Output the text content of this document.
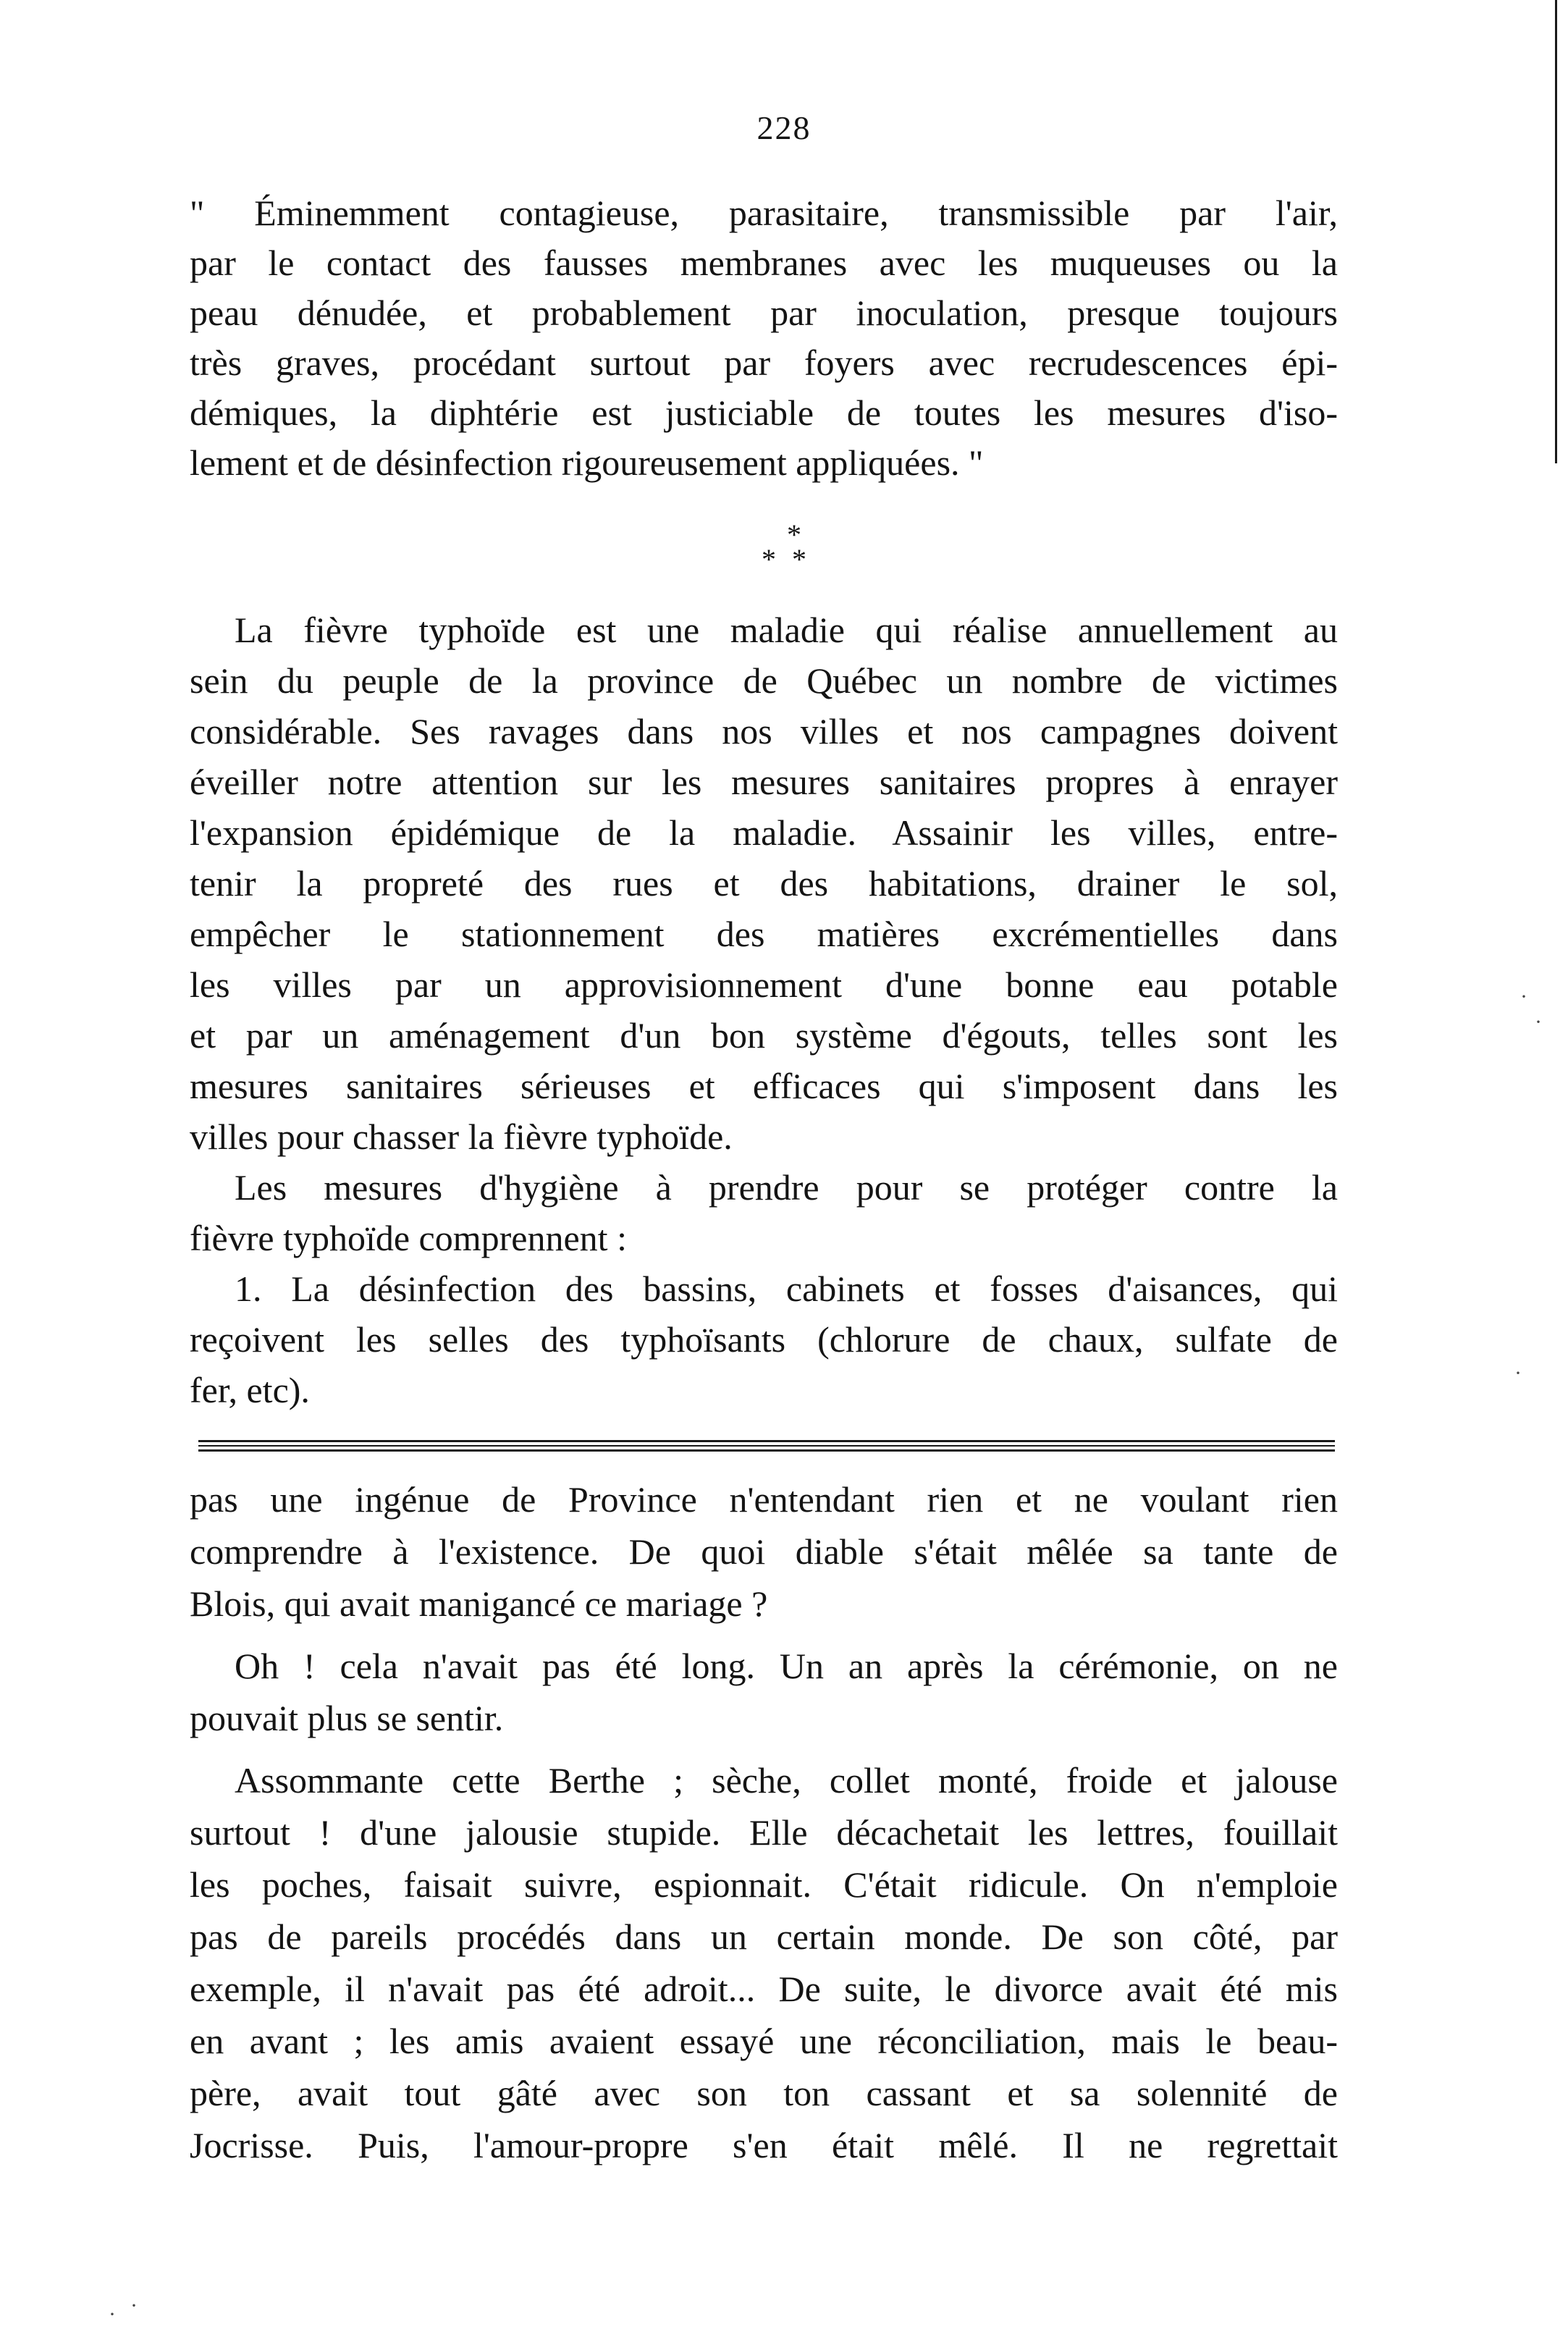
228
" Éminemment contagieuse, parasitaire, transmissible par l'air,
par le contact des fausses membranes avec les muqueuses ou la
peau dénudée, et probablement par inoculation, presque toujours
très graves, procédant surtout par foyers avec recrudescences épi-
démiques, la diphtérie est justiciable de toutes les mesures d'iso-
lement et de désinfection rigoureusement appliquées. "
*
**
La fièvre typhoïde est une maladie qui réalise annuellement au
sein du peuple de la province de Québec un nombre de victimes
considérable. Ses ravages dans nos villes et nos campagnes doivent
éveiller notre attention sur les mesures sanitaires propres à enrayer
l'expansion épidémique de la maladie. Assainir les villes, entre-
tenir la propreté des rues et des habitations, drainer le sol,
empêcher le stationnement des matières excrémentielles dans
les villes par un approvisionnement d'une bonne eau potable
et par un aménagement d'un bon système d'égouts, telles sont les
mesures sanitaires sérieuses et efficaces qui s'imposent dans les
villes pour chasser la fièvre typhoïde.
Les mesures d'hygiène à prendre pour se protéger contre la
fièvre typhoïde comprennent :
1. La désinfection des bassins, cabinets et fosses d'aisances, qui
reçoivent les selles des typhoïsants (chlorure de chaux, sulfate de
fer, etc).
pas une ingénue de Province n'entendant rien et ne voulant rien
comprendre à l'existence. De quoi diable s'était mêlée sa tante de
Blois, qui avait manigancé ce mariage ?
Oh ! cela n'avait pas été long. Un an après la cérémonie, on ne
pouvait plus se sentir.
Assommante cette Berthe ; sèche, collet monté, froide et jalouse
surtout ! d'une jalousie stupide. Elle décachetait les lettres, fouillait
les poches, faisait suivre, espionnait. C'était ridicule. On n'emploie
pas de pareils procédés dans un certain monde. De son côté, par
exemple, il n'avait pas été adroit... De suite, le divorce avait été mis
en avant ; les amis avaient essayé une réconciliation, mais le beau-
père, avait tout gâté avec son ton cassant et sa solennité de
Jocrisse. Puis, l'amour-propre s'en était mêlé. Il ne regrettait
·
·
·
· ·
